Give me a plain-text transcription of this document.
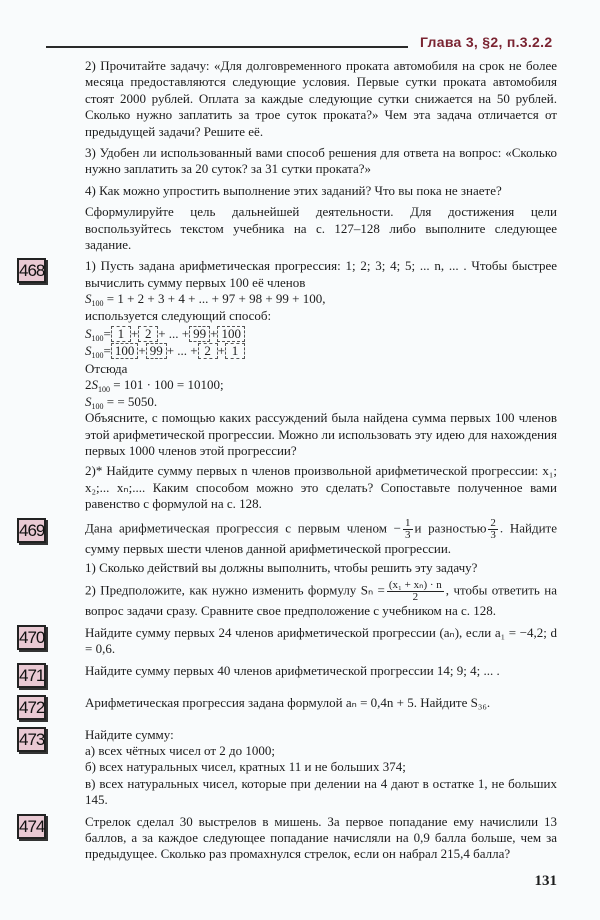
Глава 3, §2, п.3.2.2
2) Прочитайте задачу: «Для долговременного проката автомобиля на срок не более месяца предоставляются следующие условия. Первые сутки проката автомобиля стоят 2000 рублей. Оплата за каждые следующие сутки снижается на 50 рублей. Сколько нужно заплатить за трое суток проката?» Чем эта задача отличается от предыдущей задачи? Решите её.
3) Удобен ли использованный вами способ решения для ответа на вопрос: «Сколько нужно заплатить за 20 суток? за 31 сутки проката?»
4) Как можно упростить выполнение этих заданий? Что вы пока не знаете?
Сформулируйте цель дальнейшей деятельности. Для достижения цели воспользуйтесь текстом учебника на с. 127–128 либо выполните следующее задание.
468	1) Пусть задана арифметическая прогрессия: 1; 2; 3; 4; 5; ... n, ... . Чтобы быстрее вычислить сумму первых 100 её членов
$S_{100} = 1 + 2 + 3 + 4$ + ... + 97 + 98 + 99 + 100,
используется следующий способ:
$S_{100}= 1 + 2$ + ... + 99 + 100
$S_{100}= 100 + 99$ + ... + 2 + 1
Отсюда
$2S_{100} = 101 \cdot 100 = 10100$;
$S_{100}$ = = 5050.
Объясните, с помощью каких рассуждений была найдена сумма первых 100 членов этой арифметической прогрессии. Можно ли использовать эту идею для нахождения первых 1000 членов этой прогрессии?
2)* Найдите сумму первых n членов произвольной арифметической прогрессии: x₁; x₂;... xₙ;.... Каким способом можно это сделать? Сопоставьте полученное вами равенство с формулой на с. 128.
469	Дана арифметическая прогрессия с первым членом − $\frac{1}{3}$ и разностью $\frac{2}{3}$ . Найдите сумму первых шести членов данной арифметической прогрессии.
1) Сколько действий вы должны выполнить, чтобы решить эту задачу?
2) Предположите, как нужно изменить формулу $S_n = \frac{\text{(x₁ + xₙ) · n}}{2}$ , чтобы ответить на вопрос задачи сразу. Сравните свое предположение с учебником на с. 128.
470	Найдите сумму первых 24 членов арифметической прогрессии (aₙ), если a₁ = −4,2; d = 0,6.
471	Найдите сумму первых 40 членов арифметической прогрессии 14; 9; 4; ... .
472	Арифметическая прогрессия задана формулой aₙ = 0,4n + 5. Найдите S₃₆.
473	Найдите сумму:
а) всех чётных чисел от 2 до 1000;
б) всех натуральных чисел, кратных 11 и не больших 374;
в) всех натуральных чисел, которые при делении на 4 дают в остатке 1, не больших 145.
474	Стрелок сделал 30 выстрелов в мишень. За первое попадание ему начислили 13 баллов, а за каждое следующее попадание начисляли на 0,9 балла больше, чем за предыдущее. Сколько раз промахнулся стрелок, если он набрал 215,4 балла?
131
